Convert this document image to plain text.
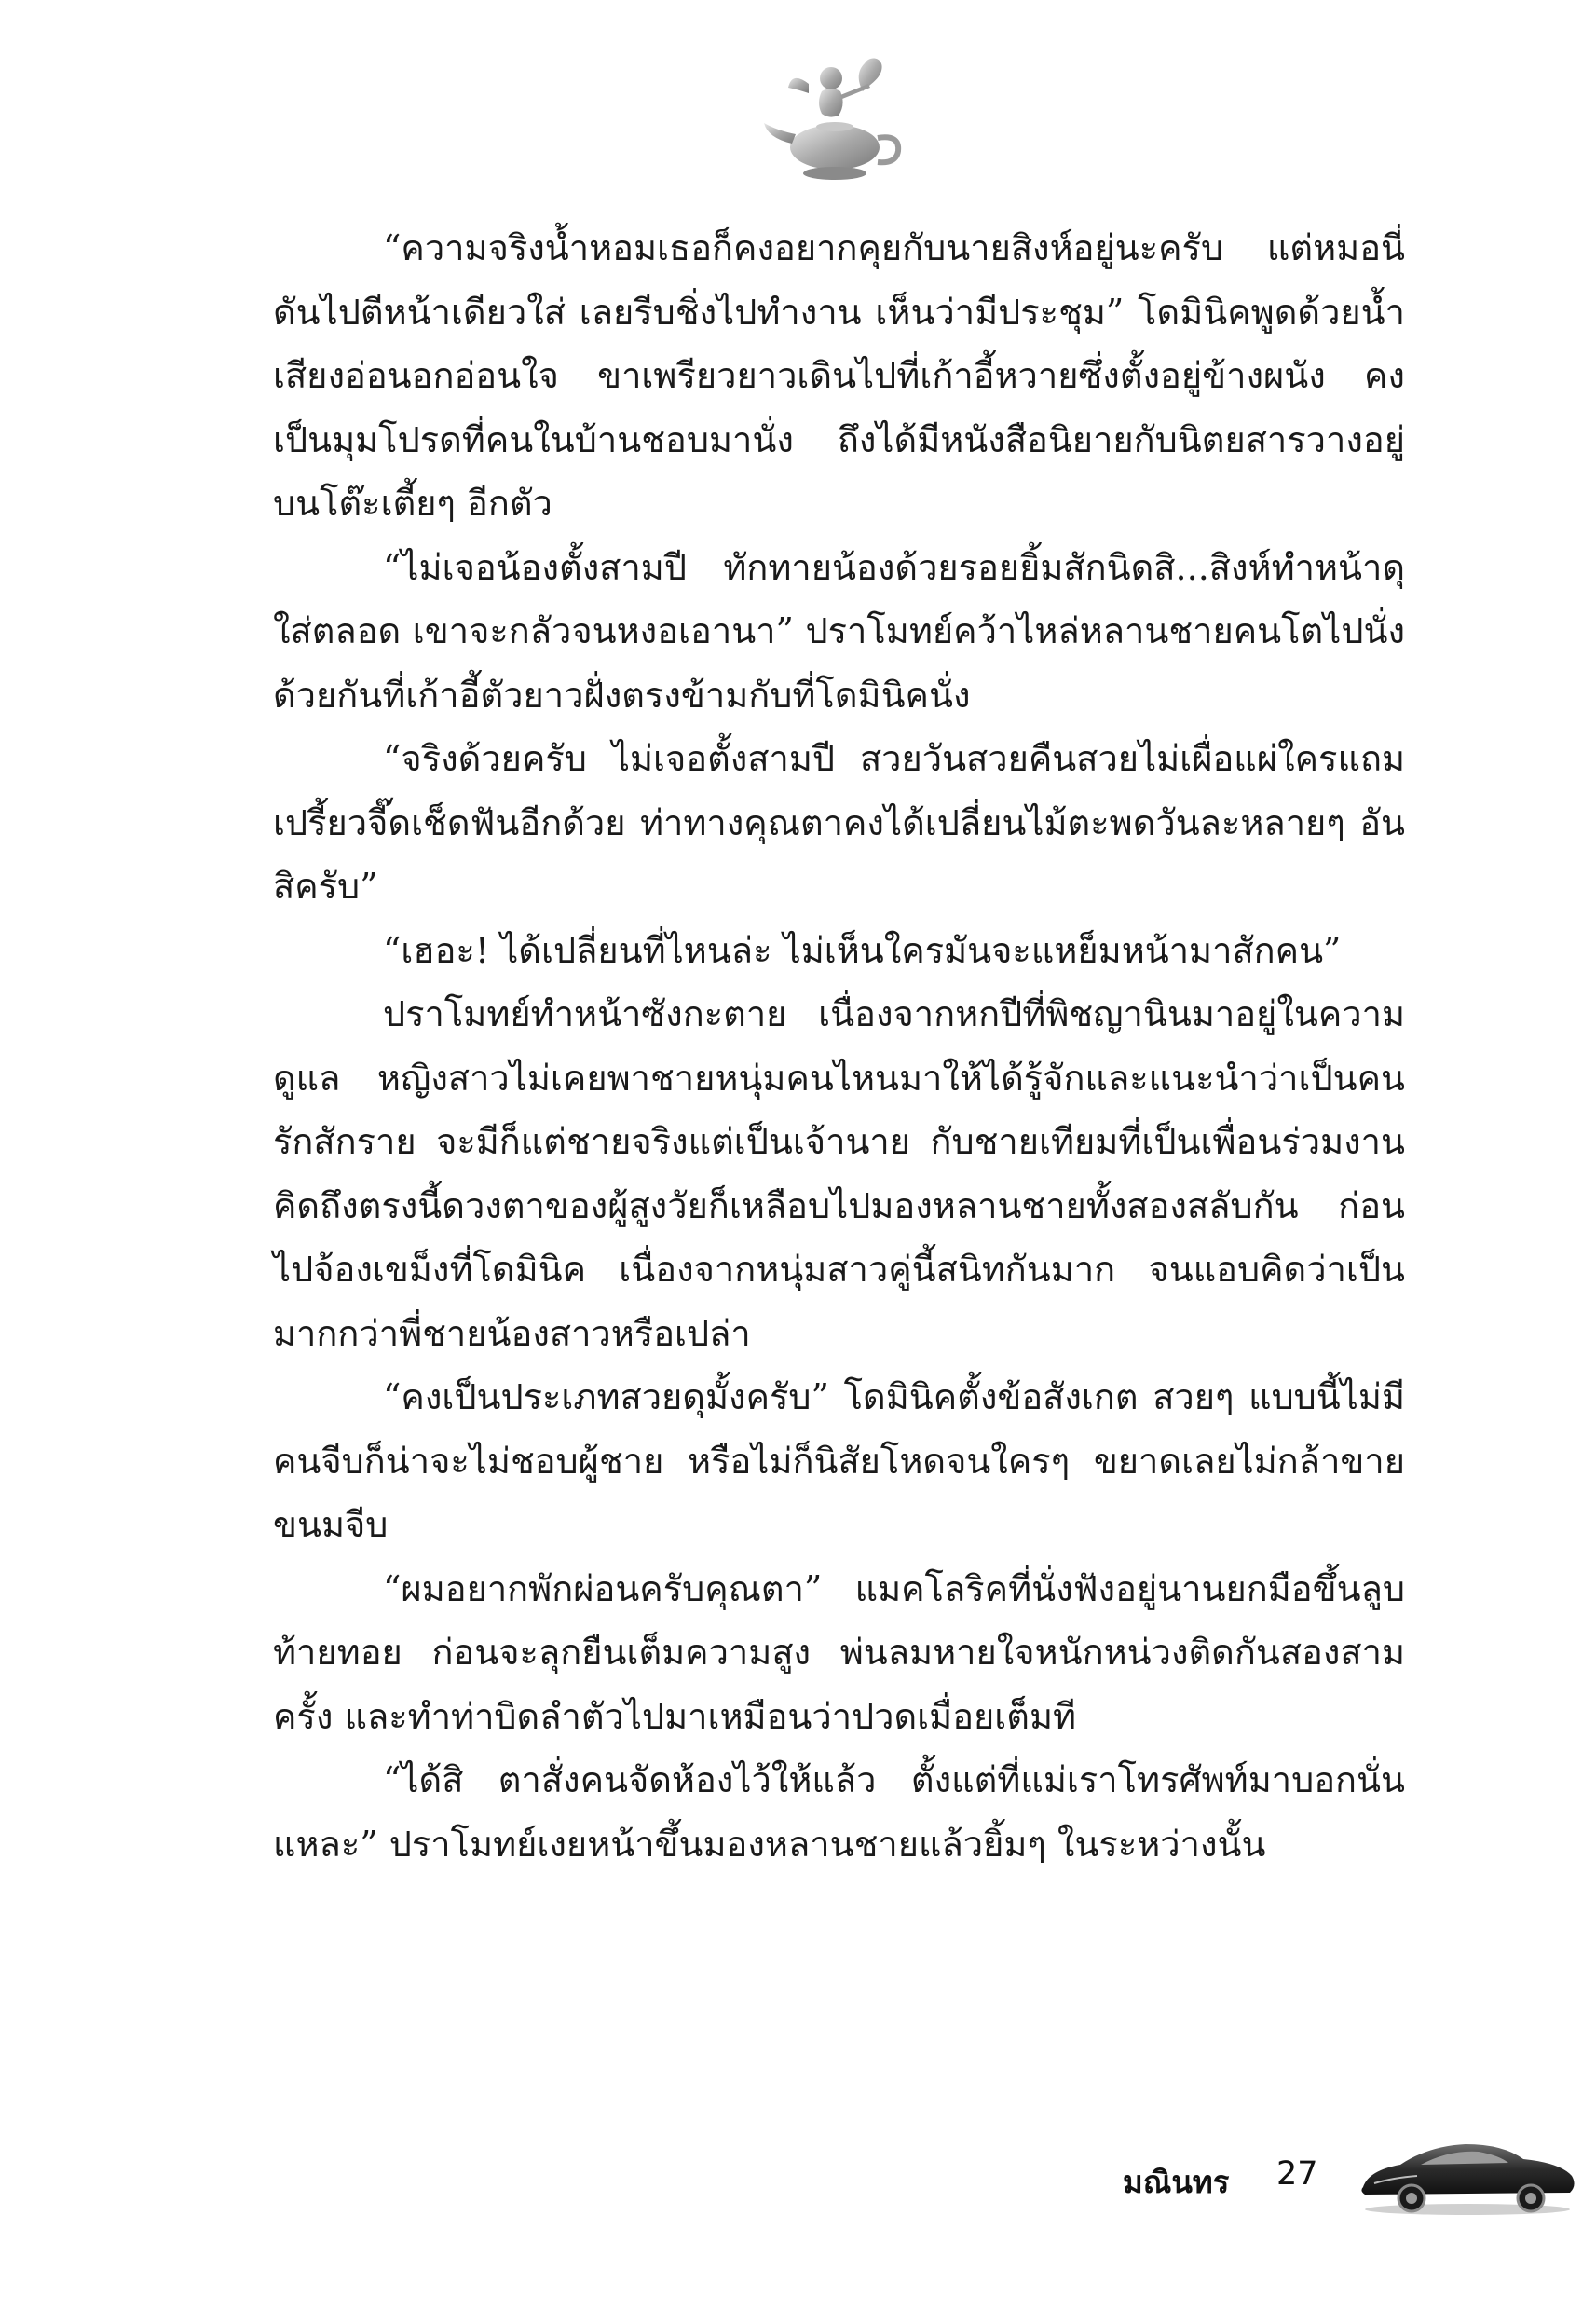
“ความจริงน้ำหอมเธอก็คงอยากคุยกับนายสิงห์อยู่นะครับ แต่หมอนี่ดันไปตีหน้าเดียวใส่ เลยรีบชิ่งไปทำงาน เห็นว่ามีประชุม” โดมินิคพูดด้วยน้ำเสียงอ่อนอกอ่อนใจ ขาเพรียวยาวเดินไปที่เก้าอี้หวายซึ่งตั้งอยู่ข้างผนัง คงเป็นมุมโปรดที่คนในบ้านชอบมานั่ง ถึงได้มีหนังสือนิยายกับนิตยสารวางอยู่บนโต๊ะเตี้ยๆ อีกตัว

“ไม่เจอน้องตั้งสามปี ทักทายน้องด้วยรอยยิ้มสักนิดสิ...สิงห์ทำหน้าดุใส่ตลอด เขาจะกลัวจนหงอเอานา” ปราโมทย์คว้าไหล่หลานชายคนโตไปนั่งด้วยกันที่เก้าอี้ตัวยาวฝั่งตรงข้ามกับที่โดมินิคนั่ง

“จริงด้วยครับ ไม่เจอตั้งสามปี สวยวันสวยคืนสวยไม่เผื่อแผ่ใครแถมเปรี้ยวจี๊ดเช็ดฟันอีกด้วย ท่าทางคุณตาคงได้เปลี่ยนไม้ตะพดวันละหลายๆ อันสิครับ”

“เฮอะ! ได้เปลี่ยนที่ไหนล่ะ ไม่เห็นใครมันจะแหย็มหน้ามาสักคน”

ปราโมทย์ทำหน้าซังกะตาย เนื่องจากหกปีที่พิชญานินมาอยู่ในความดูแล หญิงสาวไม่เคยพาชายหนุ่มคนไหนมาให้ได้รู้จักและแนะนำว่าเป็นคนรักสักราย จะมีก็แต่ชายจริงแต่เป็นเจ้านาย กับชายเทียมที่เป็นเพื่อนร่วมงาน คิดถึงตรงนี้ดวงตาของผู้สูงวัยก็เหลือบไปมองหลานชายทั้งสองสลับกัน ก่อนไปจ้องเขม็งที่โดมินิค เนื่องจากหนุ่มสาวคู่นี้สนิทกันมาก จนแอบคิดว่าเป็นมากกว่าพี่ชายน้องสาวหรือเปล่า

“คงเป็นประเภทสวยดุมั้งครับ” โดมินิคตั้งข้อสังเกต สวยๆ แบบนี้ไม่มีคนจีบก็น่าจะไม่ชอบผู้ชาย หรือไม่ก็นิสัยโหดจนใครๆ ขยาดเลยไม่กล้าขายขนมจีบ

“ผมอยากพักผ่อนครับคุณตา” แมคโลริคที่นั่งฟังอยู่นานยกมือขึ้นลูบท้ายทอย ก่อนจะลุกยืนเต็มความสูง พ่นลมหายใจหนักหน่วงติดกันสองสามครั้ง และทำท่าบิดลำตัวไปมาเหมือนว่าปวดเมื่อยเต็มที

“ได้สิ ตาสั่งคนจัดห้องไว้ให้แล้ว ตั้งแต่ที่แม่เราโทรศัพท์มาบอกนั่นแหละ” ปราโมทย์เงยหน้าขึ้นมองหลานชายแล้วยิ้มๆ ในระหว่างนั้น

มณินทร 27
